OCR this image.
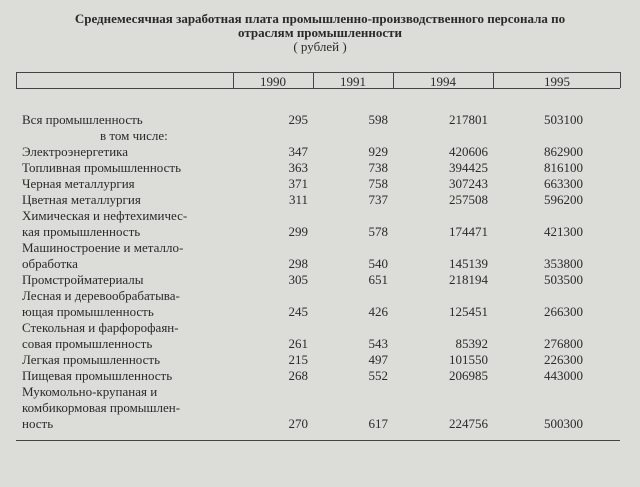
Среднемесячная заработная плата промышленно-производственного персонала по
отраслям промышленности
( рублей )
1990	1991	1994	1995
Вся промышленность	295	598	217801	503100
в том числе:
Электроэнергетика	347	929	420606	862900
Топливная промышленность	363	738	394425	816100
Черная металлургия	371	758	307243	663300
Цветная металлургия	311	737	257508	596200
Химическая и нефтехимичес-
кая промышленность	299	578	174471	421300
Машиностроение и металло-
обработка	298	540	145139	353800
Промстройматериалы	305	651	218194	503500
Лесная и деревообрабатыва-
ющая промышленность	245	426	125451	266300
Стекольная и фарфорофаян-
совая промышленность	261	543	85392	276800
Легкая промышленность	215	497	101550	226300
Пищевая промышленность	268	552	206985	443000
Мукомольно-крупаная и
комбикормовая промышлен-
ность	270	617	224756	500300
